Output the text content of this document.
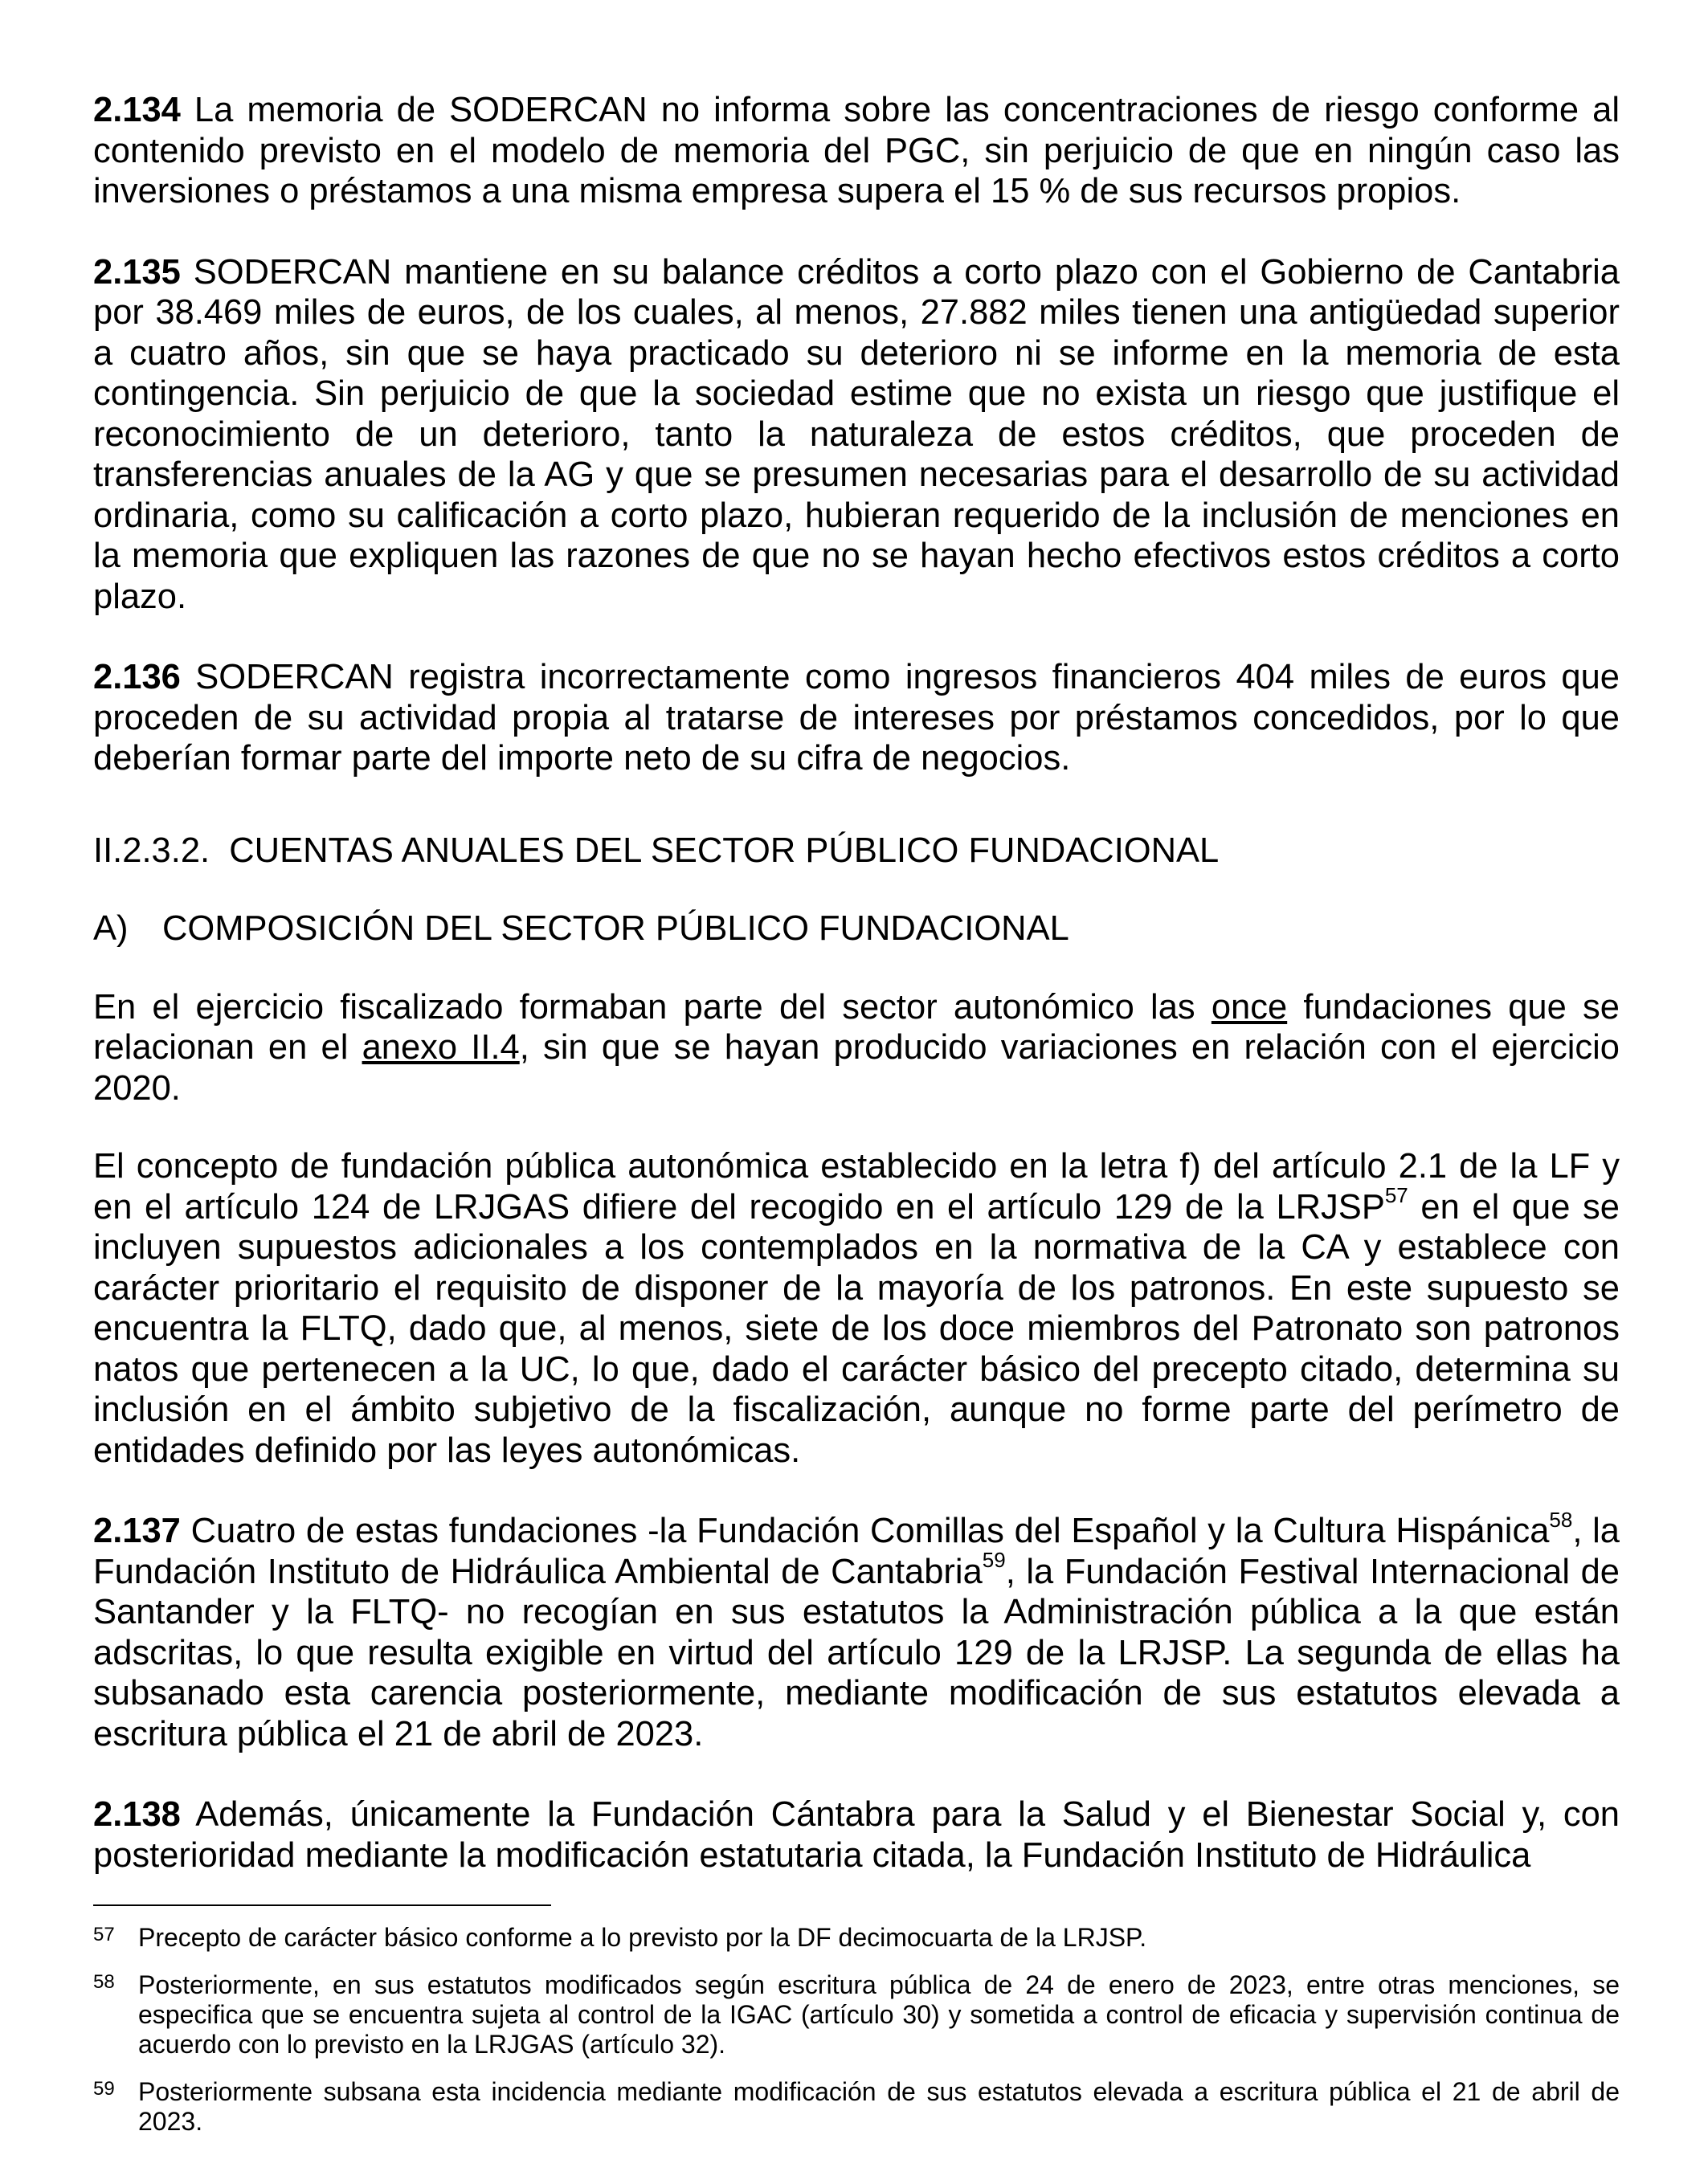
2.134 La memoria de SODERCAN no informa sobre las concentraciones de riesgo conforme al contenido previsto en el modelo de memoria del PGC, sin perjuicio de que en ningún caso las inversiones o préstamos a una misma empresa supera el 15 % de sus recursos propios.

2.135 SODERCAN mantiene en su balance créditos a corto plazo con el Gobierno de Cantabria por 38.469 miles de euros, de los cuales, al menos, 27.882 miles tienen una antigüedad superior a cuatro años, sin que se haya practicado su deterioro ni se informe en la memoria de esta contingencia. Sin perjuicio de que la sociedad estime que no exista un riesgo que justifique el reconocimiento de un deterioro, tanto la naturaleza de estos créditos, que proceden de transferencias anuales de la AG y que se presumen necesarias para el desarrollo de su actividad ordinaria, como su calificación a corto plazo, hubieran requerido de la inclusión de menciones en la memoria que expliquen las razones de que no se hayan hecho efectivos estos créditos a corto plazo.

2.136 SODERCAN registra incorrectamente como ingresos financieros 404 miles de euros que proceden de su actividad propia al tratarse de intereses por préstamos concedidos, por lo que deberían formar parte del importe neto de su cifra de negocios.

II.2.3.2.  CUENTAS ANUALES DEL SECTOR PÚBLICO FUNDACIONAL

A) COMPOSICIÓN DEL SECTOR PÚBLICO FUNDACIONAL

En el ejercicio fiscalizado formaban parte del sector autonómico las once fundaciones que se relacionan en el anexo II.4, sin que se hayan producido variaciones en relación con el ejercicio 2020.

El concepto de fundación pública autonómica establecido en la letra f) del artículo 2.1 de la LF y en el artículo 124 de LRJGAS difiere del recogido en el artículo 129 de la LRJSP$^{57}$ en el que se incluyen supuestos adicionales a los contemplados en la normativa de la CA y establece con carácter prioritario el requisito de disponer de la mayoría de los patronos. En este supuesto se encuentra la FLTQ, dado que, al menos, siete de los doce miembros del Patronato son patronos natos que pertenecen a la UC, lo que, dado el carácter básico del precepto citado, determina su inclusión en el ámbito subjetivo de la fiscalización, aunque no forme parte del perímetro de entidades definido por las leyes autonómicas.

2.137 Cuatro de estas fundaciones -la Fundación Comillas del Español y la Cultura Hispánica$^{58}$, la Fundación Instituto de Hidráulica Ambiental de Cantabria$^{59}$, la Fundación Festival Internacional de Santander y la FLTQ- no recogían en sus estatutos la Administración pública a la que están adscritas, lo que resulta exigible en virtud del artículo 129 de la LRJSP. La segunda de ellas ha subsanado esta carencia posteriormente, mediante modificación de sus estatutos elevada a escritura pública el 21 de abril de 2023.

2.138 Además, únicamente la Fundación Cántabra para la Salud y el Bienestar Social y, con posterioridad mediante la modificación estatutaria citada, la Fundación Instituto de Hidráulica

57 Precepto de carácter básico conforme a lo previsto por la DF decimocuarta de la LRJSP.
58 Posteriormente, en sus estatutos modificados según escritura pública de 24 de enero de 2023, entre otras menciones, se especifica que se encuentra sujeta al control de la IGAC (artículo 30) y sometida a control de eficacia y supervisión continua de acuerdo con lo previsto en la LRJGAS (artículo 32).
59 Posteriormente subsana esta incidencia mediante modificación de sus estatutos elevada a escritura pública el 21 de abril de 2023.
